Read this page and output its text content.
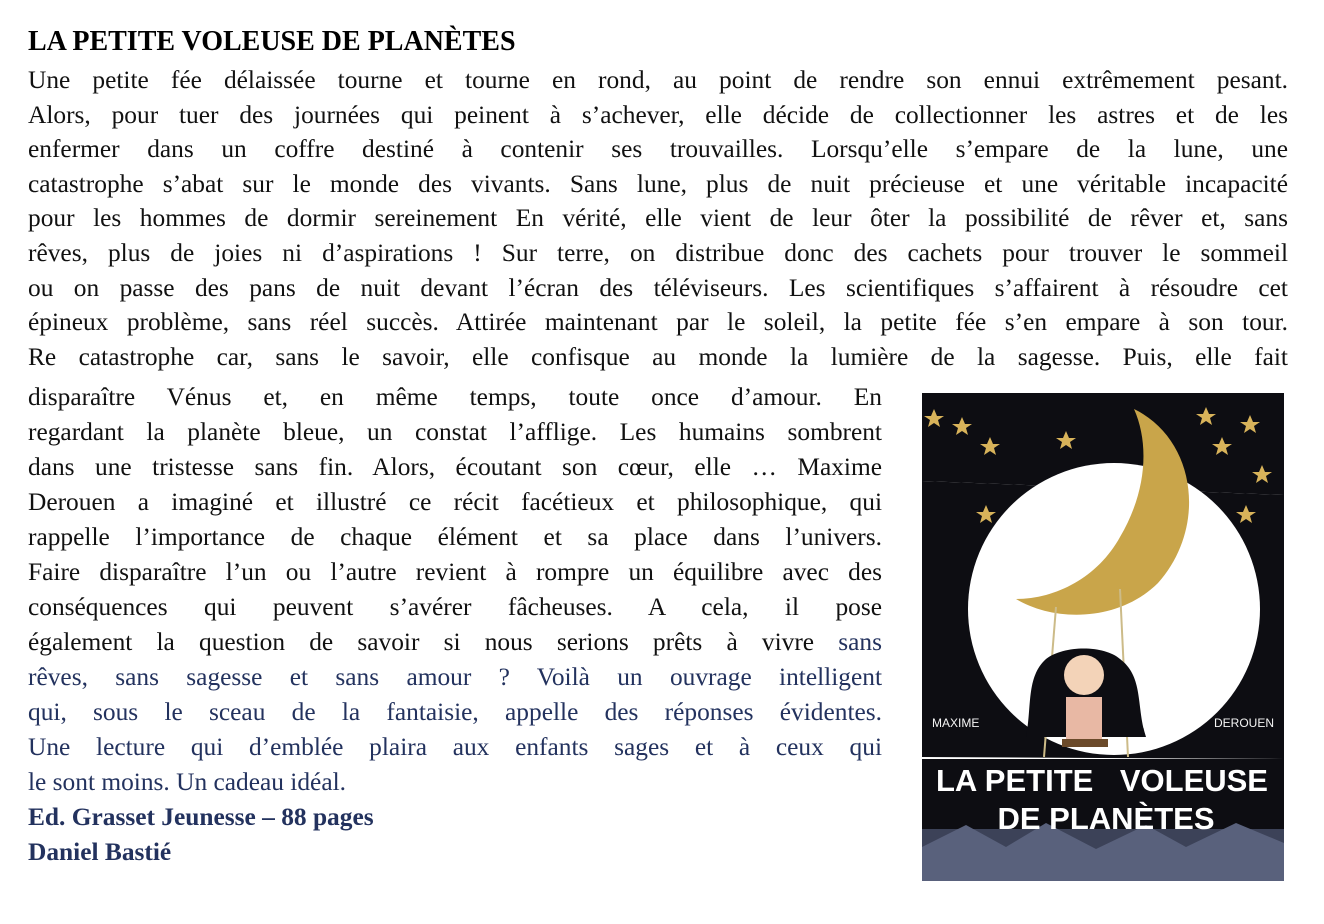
LA PETITE VOLEUSE DE PLANÈTES
Une petite fée délaissée tourne et tourne en rond, au point de rendre son ennui extrêmement pesant.
Alors, pour tuer des journées qui peinent à s’achever, elle décide de collectionner les astres et de les
enfermer dans un coffre destiné à contenir ses trouvailles. Lorsqu’elle s’empare de la lune, une
catastrophe s’abat sur le monde des vivants. Sans lune, plus de nuit précieuse et une véritable incapacité
pour les hommes de dormir sereinement En vérité, elle vient de leur ôter la possibilité de rêver et, sans
rêves, plus de joies ni d’aspirations ! Sur terre, on distribue donc des cachets pour trouver le sommeil
ou on passe des pans de nuit devant l’écran des téléviseurs. Les scientifiques s’affairent à résoudre cet
épineux problème, sans réel succès. Attirée maintenant par le soleil, la petite fée s’en empare à son tour.
Re catastrophe car, sans le savoir, elle confisque au monde la lumière de la sagesse. Puis, elle fait
disparaître Vénus et, en même temps, toute once d’amour. En
regardant la planète bleue, un constat l’afflige. Les humains sombrent
dans une tristesse sans fin. Alors, écoutant son cœur, elle … Maxime
Derouen a imaginé et illustré ce récit facétieux et philosophique, qui
rappelle l’importance de chaque élément et sa place dans l’univers.
Faire disparaître l’un ou l’autre revient à rompre un équilibre avec des
conséquences qui peuvent s’avérer fâcheuses. A cela, il pose
également la question de savoir si nous serions prêts à vivre sans
rêves, sans sagesse et sans amour ? Voilà un ouvrage intelligent
qui, sous le sceau de la fantaisie, appelle des réponses évidentes.
Une lecture qui d’emblée plaira aux enfants sages et à ceux qui
le sont moins. Un cadeau idéal.
Ed. Grasset Jeunesse – 88 pages
Daniel Bastié
MAXIME	DEROUEN
LA PETITE VOLEUSE
DE PLANÈTES
